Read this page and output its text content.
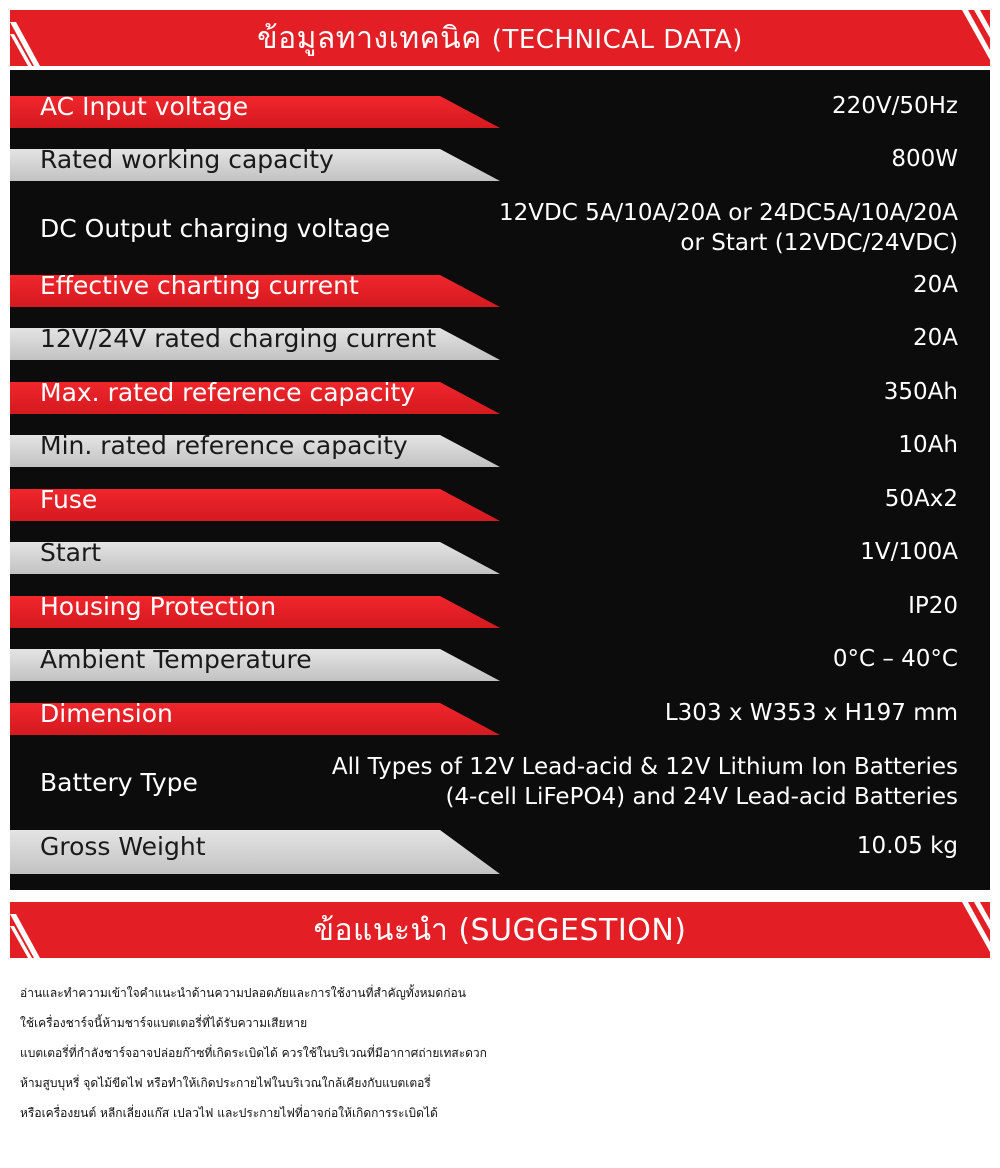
ข้อมูลทางเทคนิค (TECHNICAL DATA)
AC Input voltage	220V/50Hz
Rated working capacity	800W
DC Output charging voltage
12VDC 5A/10A/20A or 24DC5A/10A/20A
or Start (12VDC/24VDC)
Effective charting current	20A
12V/24V rated charging current	20A
Max. rated reference capacity	350Ah
Min. rated reference capacity	10Ah
Fuse	50Ax2
Start	1V/100A
Housing Protection	IP20
Ambient Temperature	0°C – 40°C
Dimension	L303 x W353 x H197 mm
Battery Type
All Types of 12V Lead-acid & 12V Lithium Ion Batteries
(4-cell LiFePO4) and 24V Lead-acid Batteries
Gross Weight	10.05 kg
ข้อแนะนำ (SUGGESTION)
อ่านและทำความเข้าใจคำแนะนำด้านความปลอดภัยและการใช้งานที่สำคัญทั้งหมดก่อน
ใช้เครื่องชาร์จนี้ห้ามชาร์จแบตเตอรี่ที่ได้รับความเสียหาย
แบตเตอรี่ที่กำลังชาร์จอาจปล่อยก๊าซที่เกิดระเบิดได้ ควรใช้ในบริเวณที่มีอากาศถ่ายเทสะดวก
ห้ามสูบบุหรี่ จุดไม้ขีดไฟ หรือทำให้เกิดประกายไฟในบริเวณใกล้เคียงกับแบตเตอรี่
หรือเครื่องยนต์ หลีกเลี่ยงแก๊ส เปลวไฟ และประกายไฟที่อาจก่อให้เกิดการระเบิดได้
